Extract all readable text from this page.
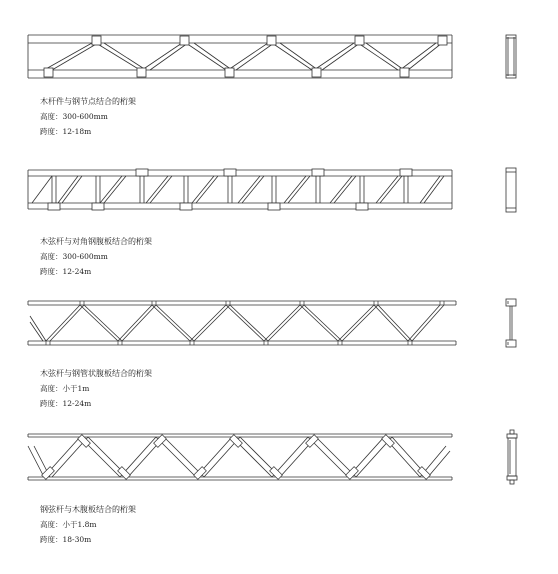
木杆件与钢节点结合的桁架
高度：300-600mm
跨度：12-18m
木弦杆与对角钢腹板结合的桁架
高度：300-600mm
跨度：12-24m
木弦杆与钢管状腹板结合的桁架
高度：小于1m
跨度：12-24m
钢弦杆与木腹板结合的桁架
高度：小于1.8m
跨度：18-30m
